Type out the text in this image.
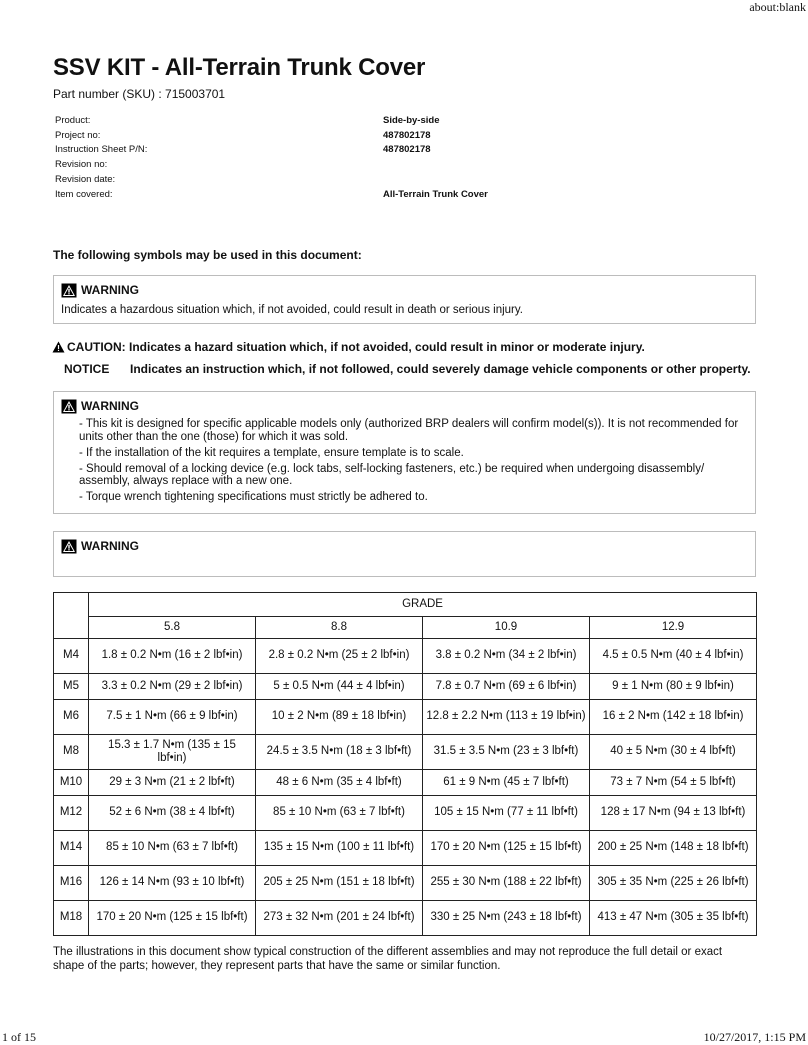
about:blank
SSV KIT - All-Terrain Trunk Cover
Part number (SKU) : 715003701
Product:	Side-by-side
Project no:	487802178
Instruction Sheet P/N:	487802178
Revision no:	
Revision date:	
Item covered:	All-Terrain Trunk Cover
The following symbols may be used in this document:
WARNING
Indicates a hazardous situation which, if not avoided, could result in death or serious injury.
CAUTION: Indicates a hazard situation which, if not avoided, could result in minor or moderate injury.
NOTICE	Indicates an instruction which, if not followed, could severely damage vehicle components or other property.
WARNING

- This kit is designed for specific applicable models only (authorized BRP dealers will confirm model(s)). It is not recommended for units other than the one (those) for which it was sold.

- If the installation of the kit requires a template, ensure template is to scale.

- Should removal of a locking device (e.g. lock tabs, self-locking fasteners, etc.) be required when undergoing disassembly/ assembly, always replace with a new one.

- Torque wrench tightening specifications must strictly be adhered to.

WARNING
	GRADE			
	5.8	8.8	10.9	12.9
M4	1.8 ± 0.2 N•m (16 ± 2 lbf•in)	2.8 ± 0.2 N•m (25 ± 2 lbf•in)	3.8 ± 0.2 N•m (34 ± 2 lbf•in)	4.5 ± 0.5 N•m (40 ± 4 lbf•in)
M5	3.3 ± 0.2 N•m (29 ± 2 lbf•in)	5 ± 0.5 N•m (44 ± 4 lbf•in)	7.8 ± 0.7 N•m (69 ± 6 lbf•in)	9 ± 1 N•m (80 ± 9 lbf•in)
M6	7.5 ± 1 N•m (66 ± 9 lbf•in)	10 ± 2 N•m (89 ± 18 lbf•in)	12.8 ± 2.2 N•m (113 ± 19 lbf•in)	16 ± 2 N•m (142 ± 18 lbf•in)
M8	15.3 ± 1.7 N•m (135 ± 15 lbf•in)	24.5 ± 3.5 N•m (18 ± 3 lbf•ft)	31.5 ± 3.5 N•m (23 ± 3 lbf•ft)	40 ± 5 N•m (30 ± 4 lbf•ft)
M10	29 ± 3 N•m (21 ± 2 lbf•ft)	48 ± 6 N•m (35 ± 4 lbf•ft)	61 ± 9 N•m (45 ± 7 lbf•ft)	73 ± 7 N•m (54 ± 5 lbf•ft)
M12	52 ± 6 N•m (38 ± 4 lbf•ft)	85 ± 10 N•m (63 ± 7 lbf•ft)	105 ± 15 N•m (77 ± 11 lbf•ft)	128 ± 17 N•m (94 ± 13 lbf•ft)
M14	85 ± 10 N•m (63 ± 7 lbf•ft)	135 ± 15 N•m (100 ± 11 lbf•ft)	170 ± 20 N•m (125 ± 15 lbf•ft)	200 ± 25 N•m (148 ± 18 lbf•ft)
M16	126 ± 14 N•m (93 ± 10 lbf•ft)	205 ± 25 N•m (151 ± 18 lbf•ft)	255 ± 30 N•m (188 ± 22 lbf•ft)	305 ± 35 N•m (225 ± 26 lbf•ft)
M18	170 ± 20 N•m (125 ± 15 lbf•ft)	273 ± 32 N•m (201 ± 24 lbf•ft)	330 ± 25 N•m (243 ± 18 lbf•ft)	413 ± 47 N•m (305 ± 35 lbf•ft)
The illustrations in this document show typical construction of the different assemblies and may not reproduce the full detail or exact shape of the parts; however, they represent parts that have the same or similar function.
1 of 15	10/27/2017, 1:15 PM
